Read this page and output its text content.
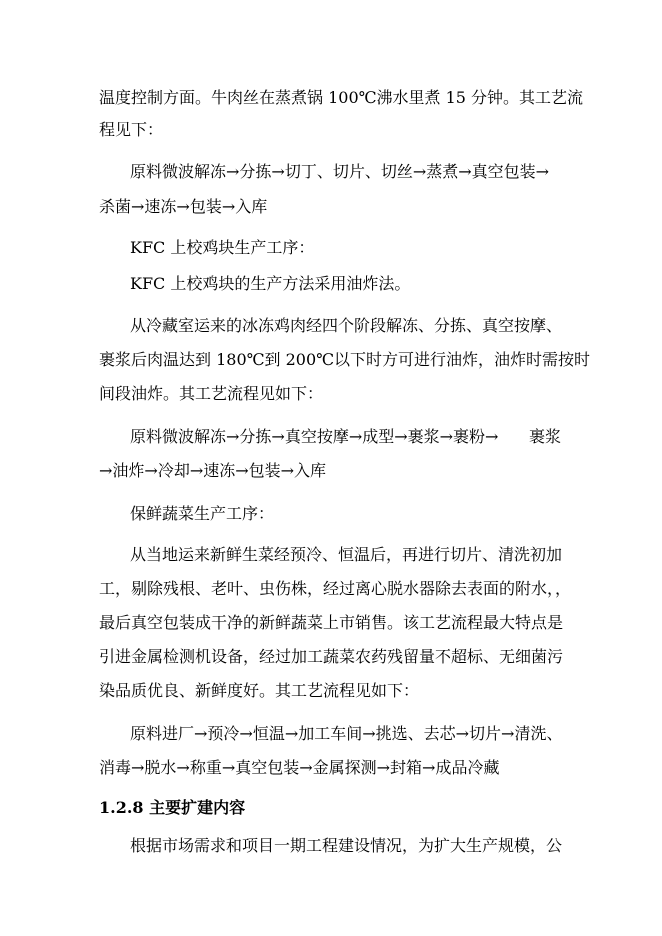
温度控制方面。牛肉丝在蒸煮锅 100℃沸水里煮 15 分钟。其工艺流
程见下：
原料微波解冻→分拣→切丁、切片、切丝→蒸煮→真空包装→
杀菌→速冻→包装→入库
KFC 上校鸡块生产工序：
KFC 上校鸡块的生产方法采用油炸法。
从冷藏室运来的冰冻鸡肉经四个阶段解冻、分拣、真空按摩、
裹浆后肉温达到 180℃到 200℃以下时方可进行油炸，油炸时需按时
间段油炸。其工艺流程见如下：
原料微波解冻→分拣→真空按摩→成型→裹浆→裹粉→      裹浆
→油炸→冷却→速冻→包装→入库
保鲜蔬菜生产工序：
从当地运来新鲜生菜经预冷、恒温后，再进行切片、清洗初加
工，剔除残根、老叶、虫伤株，经过离心脱水器除去表面的附水，，
最后真空包装成干净的新鲜蔬菜上市销售。该工艺流程最大特点是
引进金属检测机设备，经过加工蔬菜农药残留量不超标、无细菌污
染品质优良、新鲜度好。其工艺流程见如下：
原料进厂→预冷→恒温→加工车间→挑选、去芯→切片→清洗、
消毒→脱水→称重→真空包装→金属探测→封箱→成品冷藏
1.2.8 主要扩建内容
根据市场需求和项目一期工程建设情况，为扩大生产规模，公
